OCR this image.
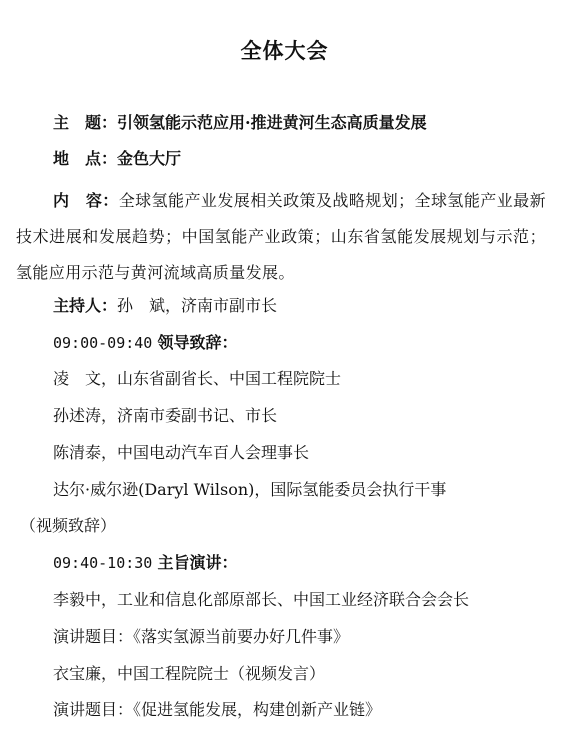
全体大会
主　题：引领氢能示范应用·推进黄河生态高质量发展
地　点：金色大厅
内　容：全球氢能产业发展相关政策及战略规划；全球氢能产业最新技术进展和发展趋势；中国氢能产业政策；山东省氢能发展规划与示范；氢能应用示范与黄河流域高质量发展。
主持人：孙　斌，济南市副市长
09:00-09:40 领导致辞：
凌　文，山东省副省长、中国工程院院士
孙述涛，济南市委副书记、市长
陈清泰，中国电动汽车百人会理事长
达尔·威尔逊(Daryl Wilson)，国际氢能委员会执行干事
（视频致辞）
09:40-10:30 主旨演讲：
李毅中，工业和信息化部原部长、中国工业经济联合会会长
演讲题目：《落实氢源当前要办好几件事》
衣宝廉，中国工程院院士（视频发言）
演讲题目：《促进氢能发展，构建创新产业链》
